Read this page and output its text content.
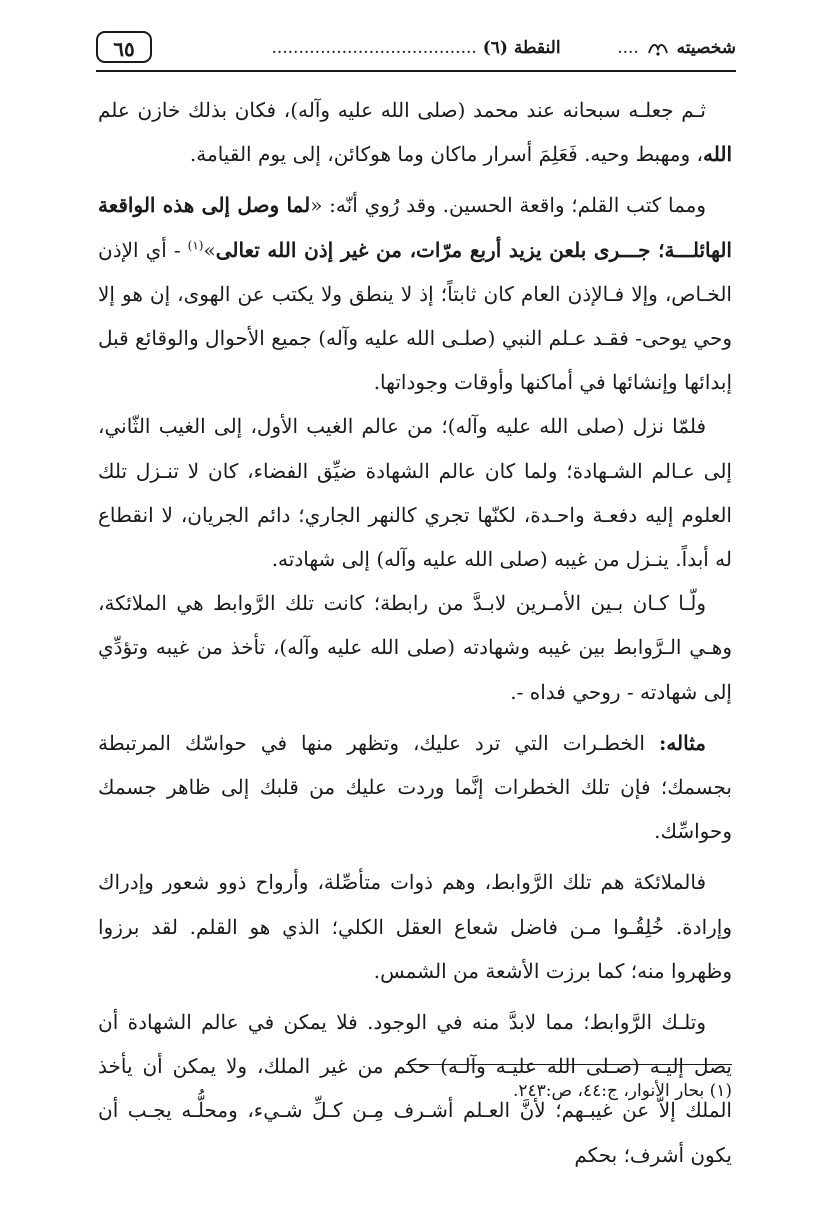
شخصيته  ....
النقطة (٦) ......................................
٦٥

ثـم جعلـه سبحانه عند محمد (صلى الله عليه وآله)، فكان بذلك خازن علم الله، ومهبط وحيه. فَعَلِمَ أسرار ماكان وما هوكائن، إلى يوم القيامة.

ومما كتب القلم؛ واقعة الحسين. وقد رُوي أنّه: «لما وصل إلى هذه الواقعة الهائلـــة؛ جـــرى بلعن يزيد أربع مرّات، من غير إذن الله تعالى»$^{(١)}$ - أي الإذن الخـاص، وإلا فـالإذن العام كان ثابتاً؛ إذ لا ينطق ولا يكتب عن الهوى، إن هو إلا وحي يوحى- فقـد عـلم النبي (صلـى الله عليه وآله) جميع الأحوال والوقائع قبل إبدائها وإنشائها في أماكنها وأوقات وجوداتها.

فلمّا نزل (صلى الله عليه وآله)؛ من عالم الغيب الأول، إلى الغيب الثّاني، إلى عـالم الشـهادة؛ ولما كان عالم الشهادة ضيِّق الفضاء، كان لا تنـزل تلك العلوم إليه دفعـة واحـدة، لكنّها تجري كالنهر الجاري؛ دائم الجريان، لا انقطاع له أبداً. ينـزل من غيبه (صلى الله عليه وآله) إلى شهادته.

ولّـا كـان بـين الأمـرين لابـدَّ من رابطة؛ كانت تلك الرَّوابط هي الملائكة، وهـي الـرَّوابط بين غيبه وشهادته (صلى الله عليه وآله)، تأخذ من غيبه وتؤدِّي إلى شهادته - روحي فداه -.

مثاله: الخطـرات التي ترد عليك، وتظهر منها في حواسّك المرتبطة بجسمك؛ فإن تلك الخطرات إنَّما وردت عليك من قلبك إلى ظاهر جسمك وحواسِّك.

فالملائكة هم تلك الرَّوابط، وهم ذوات متأصِّلة، وأرواح ذوو شعور وإدراك وإرادة. خُلِقُـوا مـن فاضل شعاع العقل الكلي؛ الذي هو القلم. لقد برزوا وظهروا منه؛ كما برزت الأشعة من الشمس.

وتلـك الرَّوابط؛ مما لابدَّ منه في الوجود. فلا يمكن في عالم الشهادة أن يصل إليـه (صـلى الله عليـه وآلـه) حكم من غير الملك، ولا يمكن أن يأخذ الملك إلاّ عن غيبـهم؛ لأنَّ العـلم أشـرف مِـن كـلِّ شـيء، ومحلُّـه يجـب أن يكون أشرف؛ بحكم

(١) بحار الأنوار، ج:٤٤، ص:٢٤٣.
